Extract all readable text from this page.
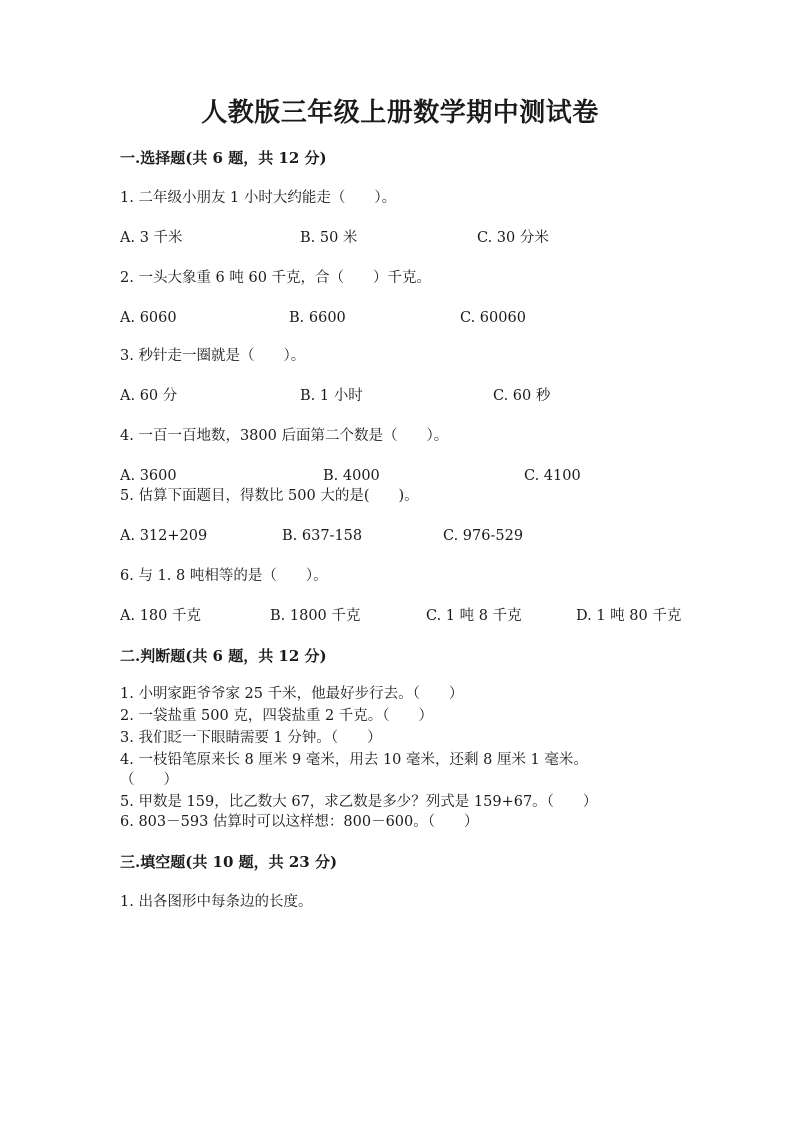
人教版三年级上册数学期中测试卷
一.选择题(共 6 题，共 12 分)
1. 二年级小朋友 1 小时大约能走（　　）。
A. 3 千米	B. 50 米	C. 30 分米
2. 一头大象重 6 吨 60 千克，合（　　）千克。
A. 6060	B. 6600	C. 60060
3. 秒针走一圈就是（　　）。
A. 60 分	B. 1 小时	C. 60 秒
4. 一百一百地数，3800 后面第二个数是（　　）。
A. 3600	B. 4000	C. 4100
5. 估算下面题目，得数比 500 大的是(　　)。
A. 312+209	B. 637-158	C. 976-529
6. 与 1. 8 吨相等的是（　　）。
A. 180 千克	B. 1800 千克	C. 1 吨 8 千克	D. 1 吨 80 千克
二.判断题(共 6 题，共 12 分)
1. 小明家距爷爷家 25 千米，他最好步行去。（　　）
2. 一袋盐重 500 克，四袋盐重 2 千克。（　　）
3. 我们眨一下眼睛需要 1 分钟。（　　）
4. 一枝铅笔原来长 8 厘米 9 毫米，用去 10 毫米，还剩 8 厘米 1 毫米。
（　　）
5. 甲数是 159，比乙数大 67，求乙数是多少？列式是 159+67。（　　）
6. 803－593 估算时可以这样想：800－600。（　　）
三.填空题(共 10 题，共 23 分)
1. 出各图形中每条边的长度。
